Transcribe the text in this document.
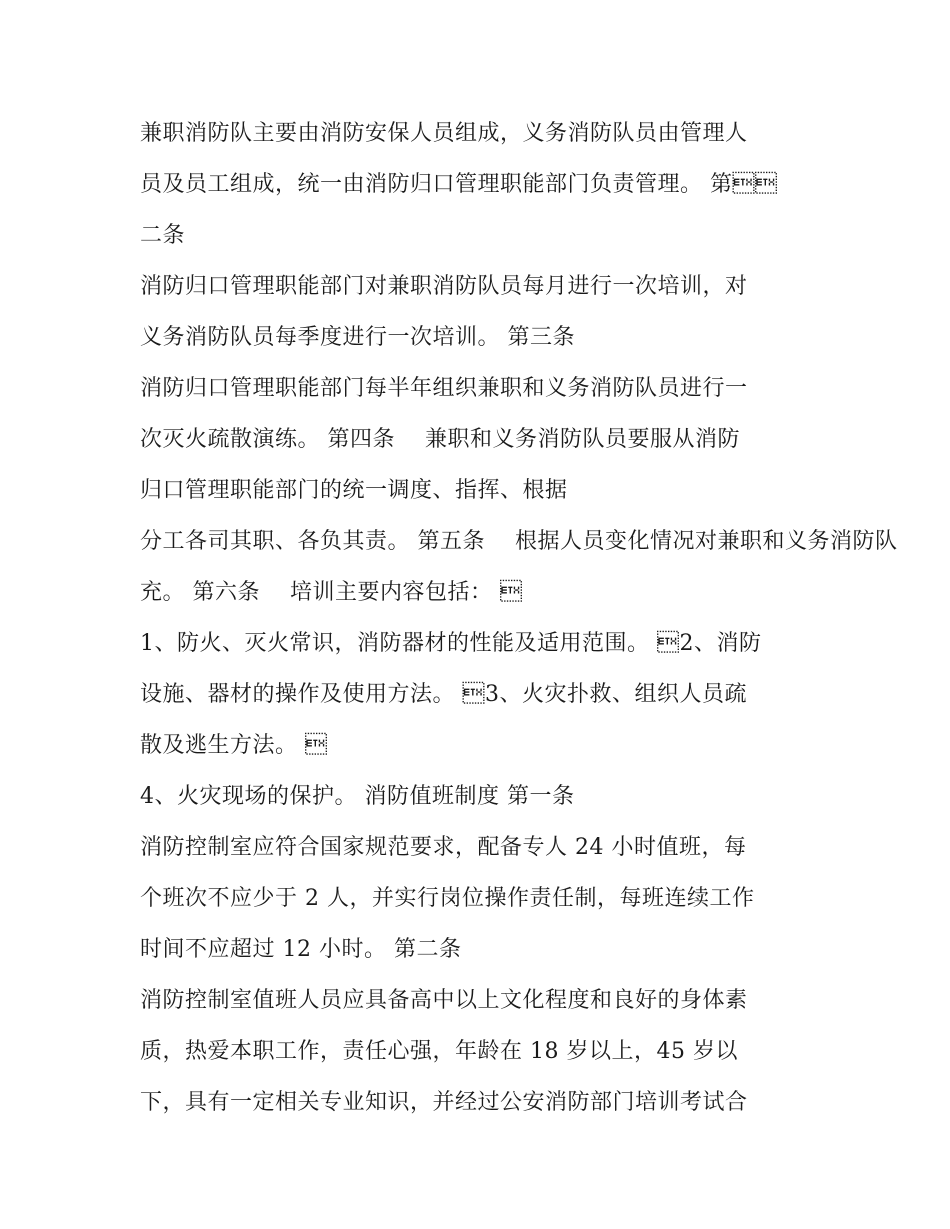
兼职消防队主要由消防安保人员组成，义务消防队员由管理人
员及员工组成，统一由消防归口管理职能部门负责管理。 第
二条
消防归口管理职能部门对兼职消防队员每月进行一次培训，对
义务消防队员每季度进行一次培训。 第三条
消防归口管理职能部门每半年组织兼职和义务消防队员进行一
次灭火疏散演练。 第四条　 兼职和义务消防队员要服从消防
归口管理职能部门的统一调度、指挥、根据
分工各司其职、各负其责。 第五条　 根据人员变化情况对兼职和义务消防队
充。 第六条　 培训主要内容包括： 
1、防火、灭火常识，消防器材的性能及适用范围。 2、消防
设施、器材的操作及使用方法。 3、火灾扑救、组织人员疏
散及逃生方法。 
4、火灾现场的保护。 消防值班制度 第一条
消防控制室应符合国家规范要求，配备专人 24 小时值班，每
个班次不应少于 2 人，并实行岗位操作责任制，每班连续工作
时间不应超过 12 小时。 第二条
消防控制室值班人员应具备高中以上文化程度和良好的身体素
质，热爱本职工作，责任心强，年龄在 18 岁以上，45 岁以
下，具有一定相关专业知识，并经过公安消防部门培训考试合
